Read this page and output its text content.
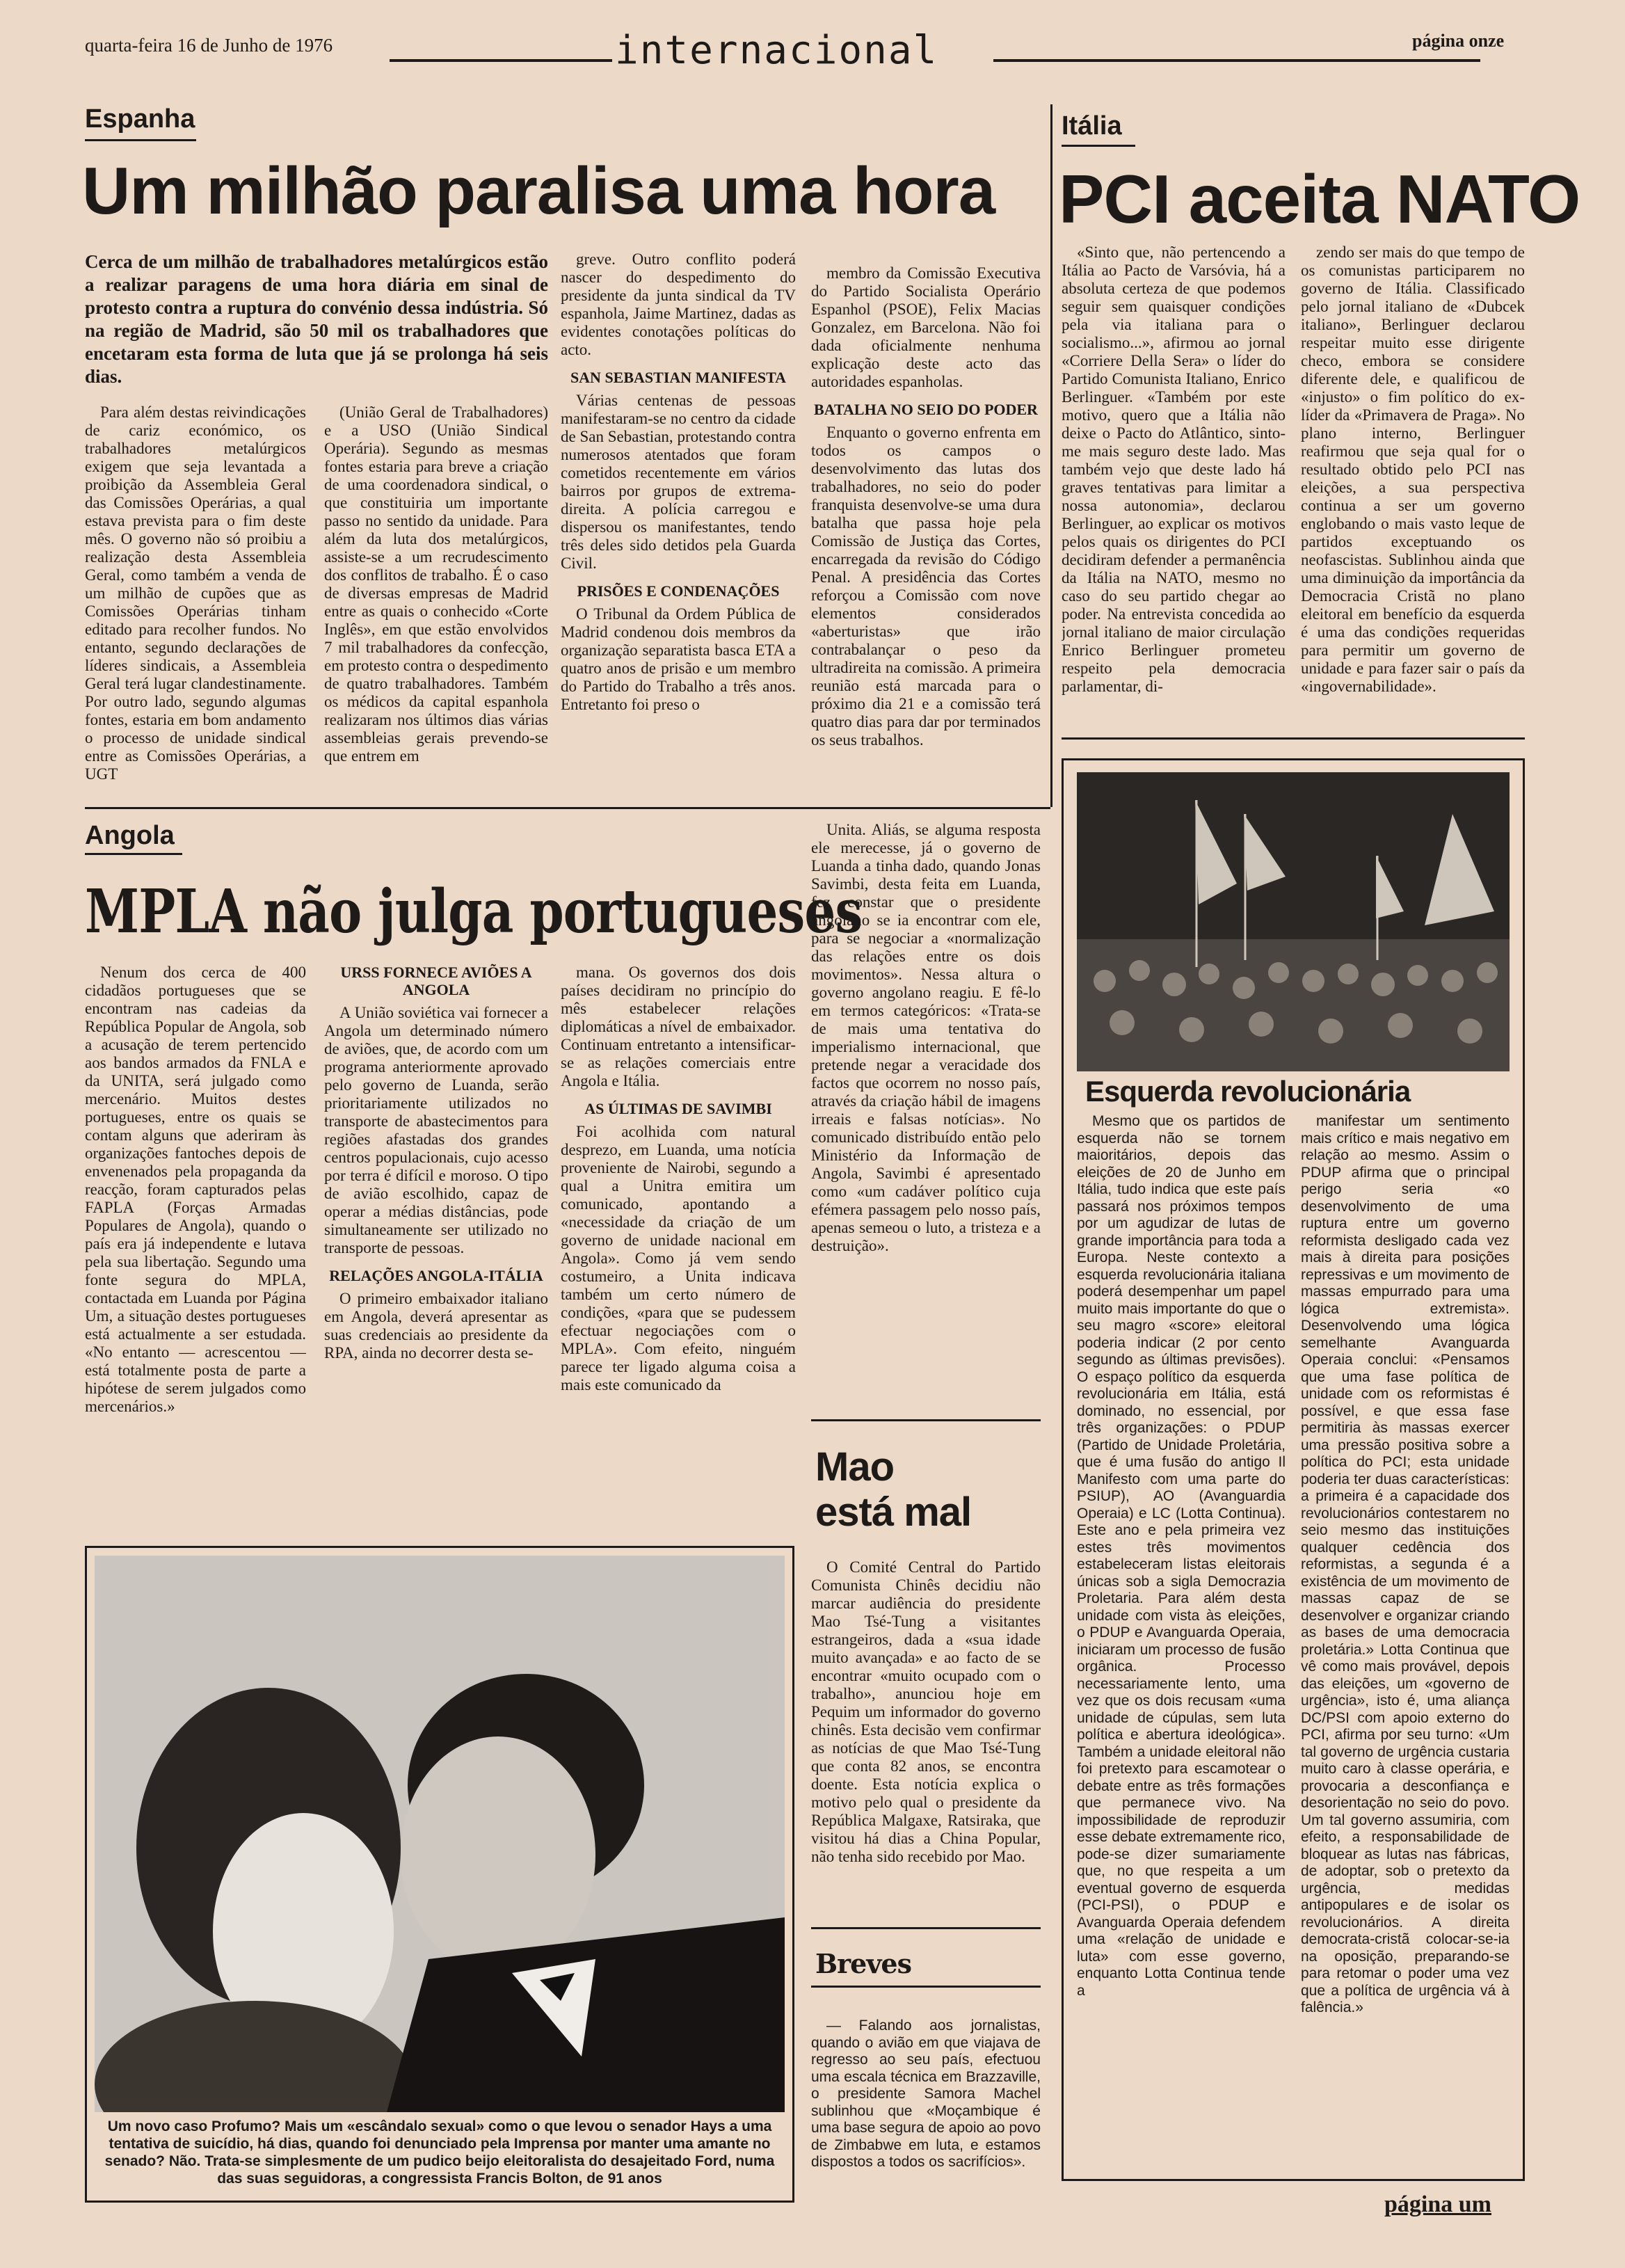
quarta-feira 16 de Junho de 1976	internacional	página onze
Espanha
Um milhão paralisa uma hora
Cerca de um milhão de trabalhadores metalúrgicos estão a realizar paragens de uma hora diária em sinal de protesto contra a ruptura do convénio dessa indústria. Só na região de Madrid, são 50 mil os trabalhadores que encetaram esta forma de luta que já se prolonga há seis dias.

Para além destas reivindicações de cariz económico, os trabalhadores metalúrgicos exigem que seja levantada a proibição da Assembleia Geral das Comissões Operárias, a qual estava prevista para o fim deste mês. O governo não só proibiu a realização desta Assembleia Geral, como também a venda de um milhão de cupões que as Comissões Operárias tinham editado para recolher fundos. No entanto, segundo declarações de líderes sindicais, a Assembleia Geral terá lugar clandestinamente. Por outro lado, segundo algumas fontes, estaria em bom andamento o processo de unidade sindical entre as Comissões Operárias, a UGT

(União Geral de Trabalhadores) e a USO (União Sindical Operária). Segundo as mesmas fontes estaria para breve a criação de uma coordenadora sindical, o que constituiria um importante passo no sentido da unidade. Para além da luta dos metalúrgicos, assiste-se a um recrudescimento dos conflitos de trabalho. É o caso de diversas empresas de Madrid entre as quais o conhecido «Corte Inglês», em que estão envolvidos 7 mil trabalhadores da confecção, em protesto contra o despedimento de quatro trabalhadores. Também os médicos da capital espanhola realizaram nos últimos dias várias assembleias gerais prevendo-se que entrem em

greve. Outro conflito poderá nascer do despedimento do presidente da junta sindical da TV espanhola, Jaime Martinez, dadas as evidentes conotações políticas do acto.

SAN SEBASTIAN MANIFESTA

Várias centenas de pessoas manifestaram-se no centro da cidade de San Sebastian, protestando contra numerosos atentados que foram cometidos recentemente em vários bairros por grupos de extrema-direita. A polícia carregou e dispersou os manifestantes, tendo três deles sido detidos pela Guarda Civil.

PRISÕES E CONDENAÇÕES

O Tribunal da Ordem Pública de Madrid condenou dois membros da organização separatista basca ETA a quatro anos de prisão e um membro do Partido do Trabalho a três anos. Entretanto foi preso o

membro da Comissão Executiva do Partido Socialista Operário Espanhol (PSOE), Felix Macias Gonzalez, em Barcelona. Não foi dada oficialmente nenhuma explicação deste acto das autoridades espanholas.

BATALHA NO SEIO DO PODER

Enquanto o governo enfrenta em todos os campos o desenvolvimento das lutas dos trabalhadores, no seio do poder franquista desenvolve-se uma dura batalha que passa hoje pela Comissão de Justiça das Cortes, encarregada da revisão do Código Penal. A presidência das Cortes reforçou a Comissão com nove elementos considerados «aberturistas» que irão contrabalançar o peso da ultradireita na comissão. A primeira reunião está marcada para o próximo dia 21 e a comissão terá quatro dias para dar por terminados os seus trabalhos.

Itália
PCI aceita NATO

«Sinto que, não pertencendo a Itália ao Pacto de Varsóvia, há a absoluta certeza de que podemos seguir sem quaisquer condições pela via italiana para o socialismo...», afirmou ao jornal «Corriere Della Sera» o líder do Partido Comunista Italiano, Enrico Berlinguer. «Também por este motivo, quero que a Itália não deixe o Pacto do Atlântico, sinto-me mais seguro deste lado. Mas também vejo que deste lado há graves tentativas para limitar a nossa autonomia», declarou Berlinguer, ao explicar os motivos pelos quais os dirigentes do PCI decidiram defender a permanência da Itália na NATO, mesmo no caso do seu partido chegar ao poder. Na entrevista concedida ao jornal italiano de maior circulação Enrico Berlinguer prometeu respeito pela democracia parlamentar, di-

zendo ser mais do que tempo de os comunistas participarem no governo de Itália. Classificado pelo jornal italiano de «Dubcek italiano», Berlinguer declarou respeitar muito esse dirigente checo, embora se considere diferente dele, e qualificou de «injusto» o fim político do ex-líder da «Primavera de Praga». No plano interno, Berlinguer reafirmou que seja qual for o resultado obtido pelo PCI nas eleições, a sua perspectiva continua a ser um governo englobando o mais vasto leque de partidos exceptuando os neofascistas. Sublinhou ainda que uma diminuição da importância da Democracia Cristã no plano eleitoral em benefício da esquerda é uma das condições requeridas para permitir um governo de unidade e para fazer sair o país da «ingovernabilidade».

Esquerda revolucionária

Mesmo que os partidos de esquerda não se tornem maioritários, depois das eleições de 20 de Junho em Itália, tudo indica que este país passará nos próximos tempos por um agudizar de lutas de grande importância para toda a Europa. Neste contexto a esquerda revolucionária italiana poderá desempenhar um papel muito mais importante do que o seu magro «score» eleitoral poderia indicar (2 por cento segundo as últimas previsões). O espaço político da esquerda revolucionária em Itália, está dominado, no essencial, por três organizações: o PDUP (Partido de Unidade Proletária, que é uma fusão do antigo Il Manifesto com uma parte do PSIUP), AO (Avanguardia Operaia) e LC (Lotta Continua). Este ano e pela primeira vez estes três movimentos estabeleceram listas eleitorais únicas sob a sigla Democrazia Proletaria. Para além desta unidade com vista às eleições, o PDUP e Avanguarda Operaia, iniciaram um processo de fusão orgânica. Processo necessariamente lento, uma vez que os dois recusam «uma unidade de cúpulas, sem luta política e abertura ideológica». Também a unidade eleitoral não foi pretexto para escamotear o debate entre as três formações que permanece vivo. Na impossibilidade de reproduzir esse debate extremamente rico, pode-se dizer sumariamente que, no que respeita a um eventual governo de esquerda (PCI-PSI), o PDUP e Avanguarda Operaia defendem uma «relação de unidade e luta» com esse governo, enquanto Lotta Continua tende a

manifestar um sentimento mais crítico e mais negativo em relação ao mesmo. Assim o PDUP afirma que o principal perigo seria «o desenvolvimento de uma ruptura entre um governo reformista desligado cada vez mais à direita para posições repressivas e um movimento de massas empurrado para uma lógica extremista». Desenvolvendo uma lógica semelhante Avanguarda Operaia conclui: «Pensamos que uma fase política de unidade com os reformistas é possível, e que essa fase permitiria às massas exercer uma pressão positiva sobre a política do PCI; esta unidade poderia ter duas características: a primeira é a capacidade dos revolucionários contestarem no seio mesmo das instituições qualquer cedência dos reformistas, a segunda é a existência de um movimento de massas capaz de se desenvolver e organizar criando as bases de uma democracia proletária.» Lotta Continua que vê como mais provável, depois das eleições, um «governo de urgência», isto é, uma aliança DC/PSI com apoio externo do PCI, afirma por seu turno: «Um tal governo de urgência custaria muito caro à classe operária, e provocaria a desconfiança e desorientação no seio do povo. Um tal governo assumiria, com efeito, a responsabilidade de bloquear as lutas nas fábricas, de adoptar, sob o pretexto da urgência, medidas antipopulares e de isolar os revolucionários. A direita democrata-cristã colocar-se-ia na oposição, preparando-se para retomar o poder uma vez que a política de urgência vá à falência.»

Angola
MPLA não julga portugueses

Nenum dos cerca de 400 cidadãos portugueses que se encontram nas cadeias da República Popular de Angola, sob a acusação de terem pertencido aos bandos armados da FNLA e da UNITA, será julgado como mercenário. Muitos destes portugueses, entre os quais se contam alguns que aderiram às organizações fantoches depois de envenenados pela propaganda da reacção, foram capturados pelas FAPLA (Forças Armadas Populares de Angola), quando o país era já independente e lutava pela sua libertação. Segundo uma fonte segura do MPLA, contactada em Luanda por Página Um, a situação destes portugueses está actualmente a ser estudada. «No entanto — acrescentou — está totalmente posta de parte a hipótese de serem julgados como mercenários.»

URSS FORNECE AVIÕES A ANGOLA

A União soviética vai fornecer a Angola um determinado número de aviões, que, de acordo com um programa anteriormente aprovado pelo governo de Luanda, serão prioritariamente utilizados no transporte de abastecimentos para regiões afastadas dos grandes centros populacionais, cujo acesso por terra é difícil e moroso. O tipo de avião escolhido, capaz de operar a médias distâncias, pode simultaneamente ser utilizado no transporte de pessoas.

RELAÇÕES ANGOLA-ITÁLIA

O primeiro embaixador italiano em Angola, deverá apresentar as suas credenciais ao presidente da RPA, ainda no decorrer desta se-

mana. Os governos dos dois países decidiram no princípio do mês estabelecer relações diplomáticas a nível de embaixador. Continuam entretanto a intensificar-se as relações comerciais entre Angola e Itália.

AS ÚLTIMAS DE SAVIMBI

Foi acolhida com natural desprezo, em Luanda, uma notícia proveniente de Nairobi, segundo a qual a Unitra emitira um comunicado, apontando a «necessidade da criação de um governo de unidade nacional em Angola». Como já vem sendo costumeiro, a Unita indicava também um certo número de condições, «para que se pudessem efectuar negociações com o MPLA». Com efeito, ninguém parece ter ligado alguma coisa a mais este comunicado da

Unita. Aliás, se alguma resposta ele merecesse, já o governo de Luanda a tinha dado, quando Jonas Savimbi, desta feita em Luanda, fez constar que o presidente angolano se ia encontrar com ele, para se negociar a «normalização das relações entre os dois movimentos». Nessa altura o governo angolano reagiu. E fê-lo em termos categóricos: «Trata-se de mais uma tentativa do imperialismo internacional, que pretende negar a veracidade dos factos que ocorrem no nosso país, através da criação hábil de imagens irreais e falsas notícias». No comunicado distribuído então pelo Ministério da Informação de Angola, Savimbi é apresentado como «um cadáver político cuja efémera passagem pelo nosso país, apenas semeou o luto, a tristeza e a destruição».

Um novo caso Profumo? Mais um «escândalo sexual» como o que levou o senador Hays a uma tentativa de suicídio, há dias, quando foi denunciado pela Imprensa por manter uma amante no senado? Não. Trata-se simplesmente de um pudico beijo eleitoralista do desajeitado Ford, numa das suas seguidoras, a congressista Francis Bolton, de 91 anos
Mao
está mal

O Comité Central do Partido Comunista Chinês decidiu não marcar audiência do presidente Mao Tsé-Tung a visitantes estrangeiros, dada a «sua idade muito avançada» e ao facto de se encontrar «muito ocupado com o trabalho», anunciou hoje em Pequim um informador do governo chinês. Esta decisão vem confirmar as notícias de que Mao Tsé-Tung que conta 82 anos, se encontra doente. Esta notícia explica o motivo pelo qual o presidente da República Malgaxe, Ratsiraka, que visitou há dias a China Popular, não tenha sido recebido por Mao.

Breves

— Falando aos jornalistas, quando o avião em que viajava de regresso ao seu país, efectuou uma escala técnica em Brazzaville, o presidente Samora Machel sublinhou que «Moçambique é uma base segura de apoio ao povo de Zimbabwe em luta, e estamos dispostos a todos os sacrifícios».

página um
